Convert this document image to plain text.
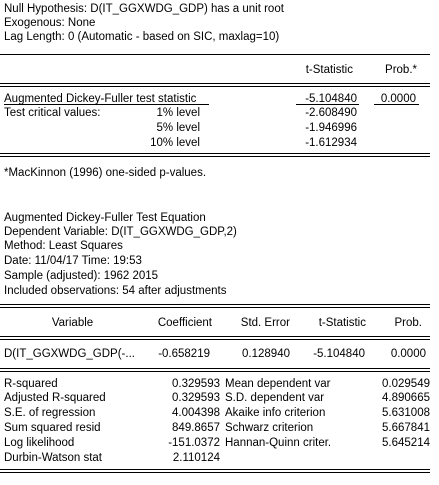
Null Hypothesis: D(IT_GGXWDG_GDP) has a unit root
Exogenous: None
Lag Length: 0 (Automatic - based on SIC, maxlag=10)
t-Statistic	Prob.*
Augmented Dickey-Fuller test statistic	-5.104840	0.0000
Test critical values:	1% level	-2.608490
5% level	-1.946996
10% level	-1.612934
*MacKinnon (1996) one-sided p-values.
Augmented Dickey-Fuller Test Equation
Dependent Variable: D(IT_GGXWDG_GDP,2)
Method: Least Squares
Date: 11/04/17 Time: 19:53
Sample (adjusted): 1962 2015
Included observations: 54 after adjustments
Variable	Coefficient	Std. Error	t-Statistic	Prob.
D(IT_GGXWDG_GDP(-...	-0.658219	0.128940	-5.104840	0.0000
R-squared	0.329593 Mean dependent var	0.029549
Adjusted R-squared	0.329593 S.D. dependent var	4.890665
S.E. of regression	4.004398 Akaike info criterion	5.631008
Sum squared resid	849.8657 Schwarz criterion	5.667841
Log likelihood	-151.0372 Hannan-Quinn criter.	5.645214
Durbin-Watson stat	2.110124
